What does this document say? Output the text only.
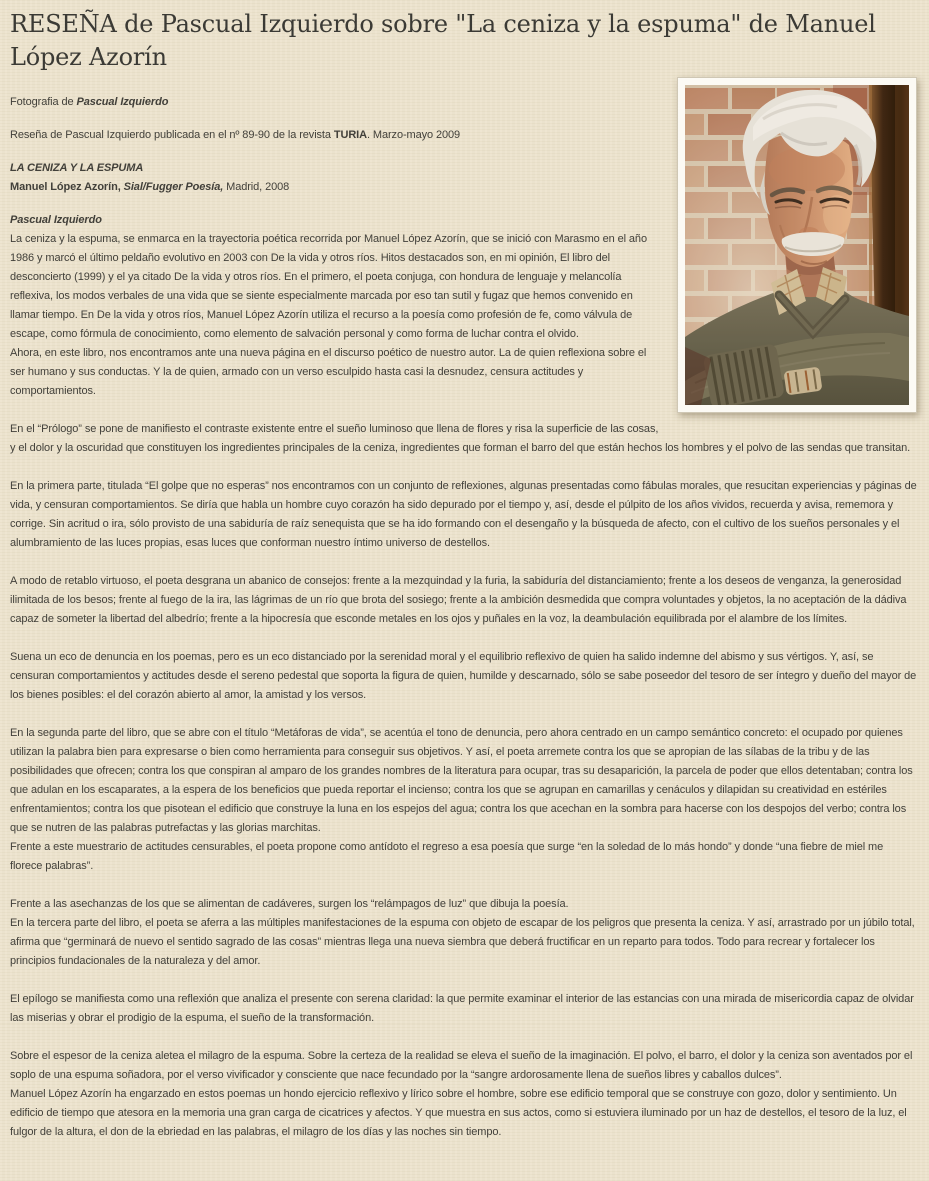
RESEÑA de Pascual Izquierdo sobre "La ceniza y la espuma" de Manuel López Azorín

Fotografia de Pascual Izquierdo

Reseña de Pascual Izquierdo publicada en el nº 89-90 de la revista TURIA. Marzo-mayo 2009

LA CENIZA Y LA ESPUMA
Manuel López Azorín, Sial/Fugger Poesía, Madrid, 2008

Pascual Izquierdo
La ceniza y la espuma, se enmarca en la trayectoria poética recorrida por Manuel López Azorín, que se inició con Marasmo en el año 1986 y marcó el último peldaño evolutivo en 2003 con De la vida y otros ríos. Hitos destacados son, en mi opinión, El libro del desconcierto (1999) y el ya citado De la vida y otros ríos. En el primero, el poeta conjuga, con hondura de lenguaje y melancolía reflexiva, los modos verbales de una vida que se siente especialmente marcada por eso tan sutil y fugaz que hemos convenido en llamar tiempo. En De la vida y otros ríos, Manuel López Azorín utiliza el recurso a la poesía como profesión de fe, como válvula de escape, como fórmula de conocimiento, como elemento de salvación personal y como forma de luchar contra el olvido.
Ahora, en este libro, nos encontramos ante una nueva página en el discurso poético de nuestro autor. La de quien reflexiona sobre el ser humano y sus conductas. Y la de quien, armado con un verso esculpido hasta casi la desnudez, censura actitudes y comportamientos.

En el “Prólogo” se pone de manifiesto el contraste existente entre el sueño luminoso que llena de flores y risa la superficie de las cosas, y el dolor y la oscuridad que constituyen los ingredientes principales de la ceniza, ingredientes que forman el barro del que están hechos los hombres y el polvo de las sendas que transitan.

En la primera parte, titulada “El golpe que no esperas” nos encontramos con un conjunto de reflexiones, algunas presentadas como fábulas morales, que resucitan experiencias y páginas de vida, y censuran comportamientos. Se diría que habla un hombre cuyo corazón ha sido depurado por el tiempo y, así, desde el púlpito de los años vividos, recuerda y avisa, rememora y corrige. Sin acritud o ira, sólo provisto de una sabiduría de raíz senequista que se ha ido formando con el desengaño y la búsqueda de afecto, con el cultivo de los sueños personales y el alumbramiento de las luces propias, esas luces que conforman nuestro íntimo universo de destellos.

A modo de retablo virtuoso, el poeta desgrana un abanico de consejos: frente a la mezquindad y la furia, la sabiduría del distanciamiento; frente a los deseos de venganza, la generosidad ilimitada de los besos; frente al fuego de la ira, las lágrimas de un río que brota del sosiego; frente a la ambición desmedida que compra voluntades y objetos, la no aceptación de la dádiva capaz de someter la libertad del albedrío; frente a la hipocresía que esconde metales en los ojos y puñales en la voz, la deambulación equilibrada por el alambre de los límites.

Suena un eco de denuncia en los poemas, pero es un eco distanciado por la serenidad moral y el equilibrio reflexivo de quien ha salido indemne del abismo y sus vértigos. Y, así, se censuran comportamientos y actitudes desde el sereno pedestal que soporta la figura de quien, humilde y descarnado, sólo se sabe poseedor del tesoro de ser íntegro y dueño del mayor de los bienes posibles: el del corazón abierto al amor, la amistad y los versos.

En la segunda parte del libro, que se abre con el título “Metáforas de vida”, se acentúa el tono de denuncia, pero ahora centrado en un campo semántico concreto: el ocupado por quienes utilizan la palabra bien para expresarse o bien como herramienta para conseguir sus objetivos. Y así, el poeta arremete contra los que se apropian de las sílabas de la tribu y de las posibilidades que ofrecen; contra los que conspiran al amparo de los grandes nombres de la literatura para ocupar, tras su desaparición, la parcela de poder que ellos detentaban; contra los que adulan en los escaparates, a la espera de los beneficios que pueda reportar el incienso; contra los que se agrupan en camarillas y cenáculos y dilapidan su creatividad en estériles enfrentamientos; contra los que pisotean el edificio que construye la luna en los espejos del agua; contra los que acechan en la sombra para hacerse con los despojos del verbo; contra los que se nutren de las palabras putrefactas y las glorias marchitas.
Frente a este muestrario de actitudes censurables, el poeta propone como antídoto el regreso a esa poesía que surge “en la soledad de lo más hondo” y donde “una fiebre de miel me florece palabras”.

Frente a las asechanzas de los que se alimentan de cadáveres, surgen los “relámpagos de luz” que dibuja la poesía.
En la tercera parte del libro, el poeta se aferra a las múltiples manifestaciones de la espuma con objeto de escapar de los peligros que presenta la ceniza. Y así, arrastrado por un júbilo total, afirma que “germinará de nuevo el sentido sagrado de las cosas” mientras llega una nueva siembra que deberá fructificar en un reparto para todos. Todo para recrear y fortalecer los principios fundacionales de la naturaleza y del amor.

El epílogo se manifiesta como una reflexión que analiza el presente con serena claridad: la que permite examinar el interior de las estancias con una mirada de misericordia capaz de olvidar las miserias y obrar el prodigio de la espuma, el sueño de la transformación.

Sobre el espesor de la ceniza aletea el milagro de la espuma. Sobre la certeza de la realidad se eleva el sueño de la imaginación. El polvo, el barro, el dolor y la ceniza son aventados por el soplo de una espuma soñadora, por el verso vivificador y consciente que nace fecundado por la “sangre ardorosamente llena de sueños libres y caballos dulces”.
Manuel López Azorín ha engarzado en estos poemas un hondo ejercicio reflexivo y lírico sobre el hombre, sobre ese edificio temporal que se construye con gozo, dolor y sentimiento. Un edificio de tiempo que atesora en la memoria una gran carga de cicatrices y afectos. Y que muestra en sus actos, como si estuviera iluminado por un haz de destellos, el tesoro de la luz, el fulgor de la altura, el don de la ebriedad en las palabras, el milagro de los días y las noches sin tiempo.
